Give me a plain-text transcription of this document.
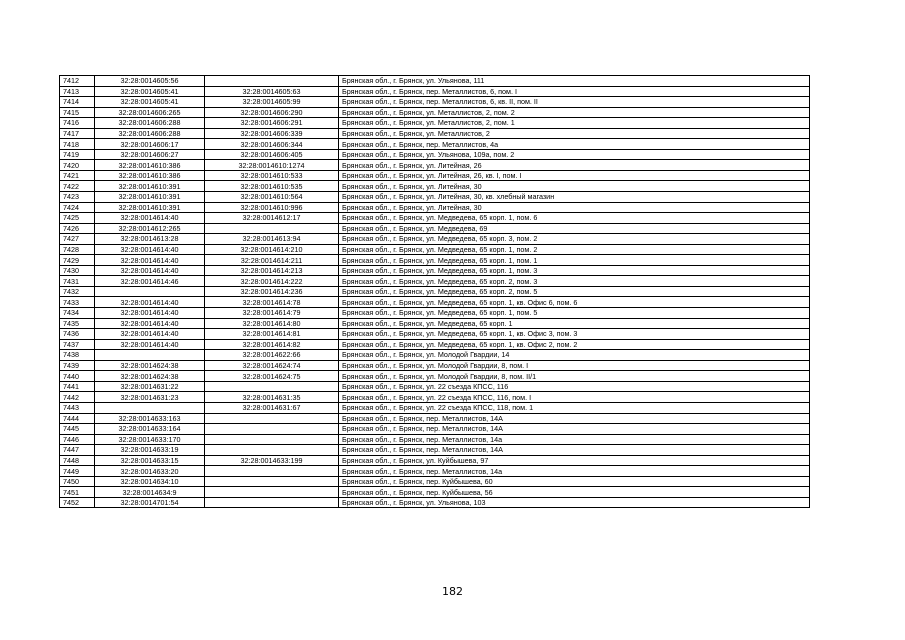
7412	32:28:0014605:56		Брянская обл., г. Брянск, ул. Ульянова, 111
7413	32:28:0014605:41	32:28:0014605:63	Брянская обл., г. Брянск, пер. Металлистов, 6, пом. I
7414	32:28:0014605:41	32:28:0014605:99	Брянская обл., г. Брянск, пер. Металлистов, 6, кв. II, пом. II
7415	32:28:0014606:265	32:28:0014606:290	Брянская обл., г. Брянск, ул. Металлистов, 2, пом. 2
7416	32:28:0014606:288	32:28:0014606:291	Брянская обл., г. Брянск, ул. Металлистов, 2, пом. 1
7417	32:28:0014606:288	32:28:0014606:339	Брянская обл., г. Брянск, ул. Металлистов, 2
7418	32:28:0014606:17	32:28:0014606:344	Брянская обл., г. Брянск, пер. Металлистов, 4а
7419	32:28:0014606:27	32:28:0014606:405	Брянская обл., г. Брянск, ул. Ульянова, 109а, пом. 2
7420	32:28:0014610:386	32:28:0014610:1274	Брянская обл., г. Брянск, ул. Литейная, 26
7421	32:28:0014610:386	32:28:0014610:533	Брянская обл., г. Брянск, ул. Литейная, 26, кв. I, пом. I
7422	32:28:0014610:391	32:28:0014610:535	Брянская обл., г. Брянск, ул. Литейная, 30
7423	32:28:0014610:391	32:28:0014610:564	Брянская обл., г. Брянск, ул. Литейная, 30, кв. хлебный магазин
7424	32:28:0014610:391	32:28:0014610:996	Брянская обл., г. Брянск, ул. Литейная, 30
7425	32:28:0014614:40	32:28:0014612:17	Брянская обл., г. Брянск, ул. Медведева, 65 корп. 1, пом. 6
7426	32:28:0014612:265		Брянская обл., г. Брянск, ул. Медведева, 69
7427	32:28:0014613:28	32:28:0014613:94	Брянская обл., г. Брянск, ул. Медведева, 65 корп. 3, пом. 2
7428	32:28:0014614:40	32:28:0014614:210	Брянская обл., г. Брянск, ул. Медведева, 65 корп. 1, пом. 2
7429	32:28:0014614:40	32:28:0014614:211	Брянская обл., г. Брянск, ул. Медведева, 65 корп. 1, пом. 1
7430	32:28:0014614:40	32:28:0014614:213	Брянская обл., г. Брянск, ул. Медведева, 65 корп. 1, пом. 3
7431	32:28:0014614:46	32:28:0014614:222	Брянская обл., г. Брянск, ул. Медведева, 65 корп. 2, пом. 3
7432		32:28:0014614:236	Брянская обл., г. Брянск, ул. Медведева, 65 корп. 2, пом. 5
7433	32:28:0014614:40	32:28:0014614:78	Брянская обл., г. Брянск, ул. Медведева, 65 корп. 1, кв. Офис 6, пом. 6
7434	32:28:0014614:40	32:28:0014614:79	Брянская обл., г. Брянск, ул. Медведева, 65 корп. 1, пом. 5
7435	32:28:0014614:40	32:28:0014614:80	Брянская обл., г. Брянск, ул. Медведева, 65 корп. 1
7436	32:28:0014614:40	32:28:0014614:81	Брянская обл., г. Брянск, ул. Медведева, 65 корп. 1, кв. Офис 3, пом. 3
7437	32:28:0014614:40	32:28:0014614:82	Брянская обл., г. Брянск, ул. Медведева, 65 корп. 1, кв. Офис 2, пом. 2
7438		32:28:0014622:66	Брянская обл., г. Брянск, ул. Молодой Гвардии, 14
7439	32:28:0014624:38	32:28:0014624:74	Брянская обл., г. Брянск, ул. Молодой Гвардии, 8, пом. I
7440	32:28:0014624:38	32:28:0014624:75	Брянская обл., г. Брянск, ул. Молодой Гвардии, 8, пом. II/1
7441	32:28:0014631:22		Брянская обл., г. Брянск, ул. 22 съезда КПСС, 116
7442	32:28:0014631:23	32:28:0014631:35	Брянская обл., г. Брянск, ул. 22 съезда КПСС, 116, пом. I
7443		32:28:0014631:67	Брянская обл., г. Брянск, ул. 22 съезда КПСС, 118, пом. 1
7444	32:28:0014633:163		Брянская обл., г. Брянск, пер. Металлистов, 14А
7445	32:28:0014633:164		Брянская обл., г. Брянск, пер. Металлистов, 14А
7446	32:28:0014633:170		Брянская обл., г. Брянск, пер. Металлистов, 14а
7447	32:28:0014633:19		Брянская обл., г. Брянск, пер. Металлистов, 14А
7448	32:28:0014633:15	32:28:0014633:199	Брянская обл., г. Брянск, ул. Куйбышева, 97
7449	32:28:0014633:20		Брянская обл., г. Брянск, пер. Металлистов, 14а
7450	32:28:0014634:10		Брянская обл., г. Брянск, пер. Куйбышева, 60
7451	32:28:0014634:9		Брянская обл., г. Брянск, пер. Куйбышева, 56
7452	32:28:0014701:54		Брянская обл., г. Брянск, ул. Ульянова, 103
182
